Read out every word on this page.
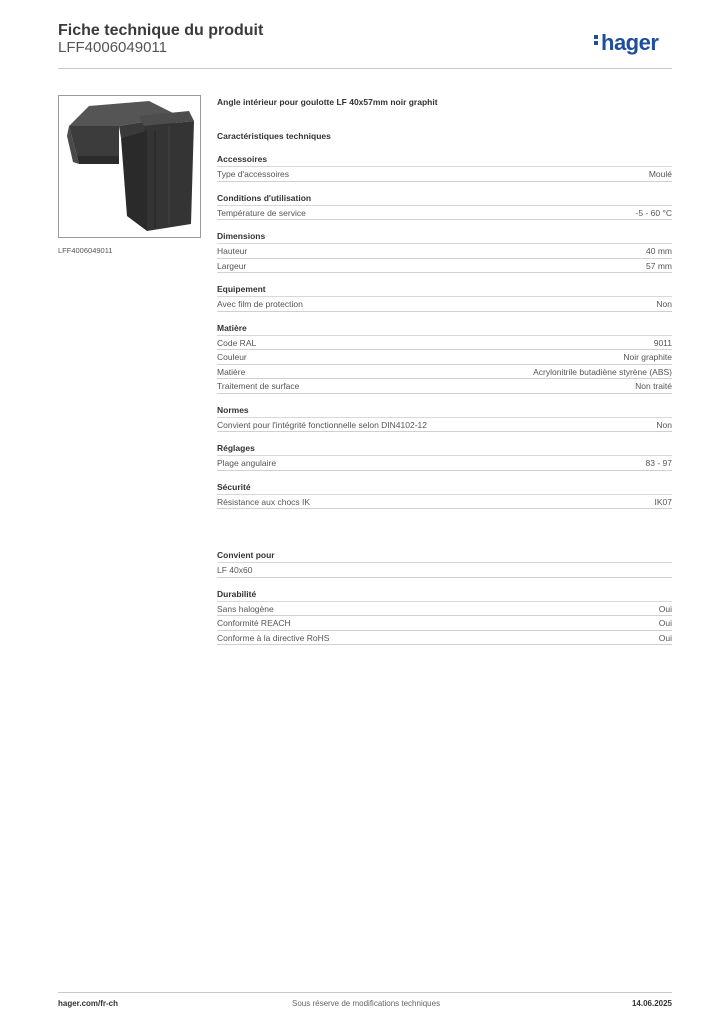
Fiche technique du produit
LFF4006049011	hager
LFF4006049011
Angle intérieur pour goulotte LF 40x57mm noir graphit
Caractéristiques techniques
Accessoires
Type d'accessoires	Moulé
Conditions d'utilisation
Température de service	-5 - 60 °C
Dimensions
Hauteur	40 mm
Largeur	57 mm
Equipement
Avec film de protection	Non
Matière
Code RAL	9011
Couleur	Noir graphite
Matière	Acrylonitrile butadiène styrène (ABS)
Traitement de surface	Non traité
Normes
Convient pour l'intégrité fonctionnelle selon DIN4102-12	Non
Réglages
Plage angulaire	83 - 97
Sécurité
Résistance aux chocs IK	IK07
Convient pour
LF 40x60
Durabilité
Sans halogène	Oui
Conformité REACH	Oui
Conforme à la directive RoHS	Oui
hager.com/fr-ch	Sous réserve de modifications techniques	14.06.2025
